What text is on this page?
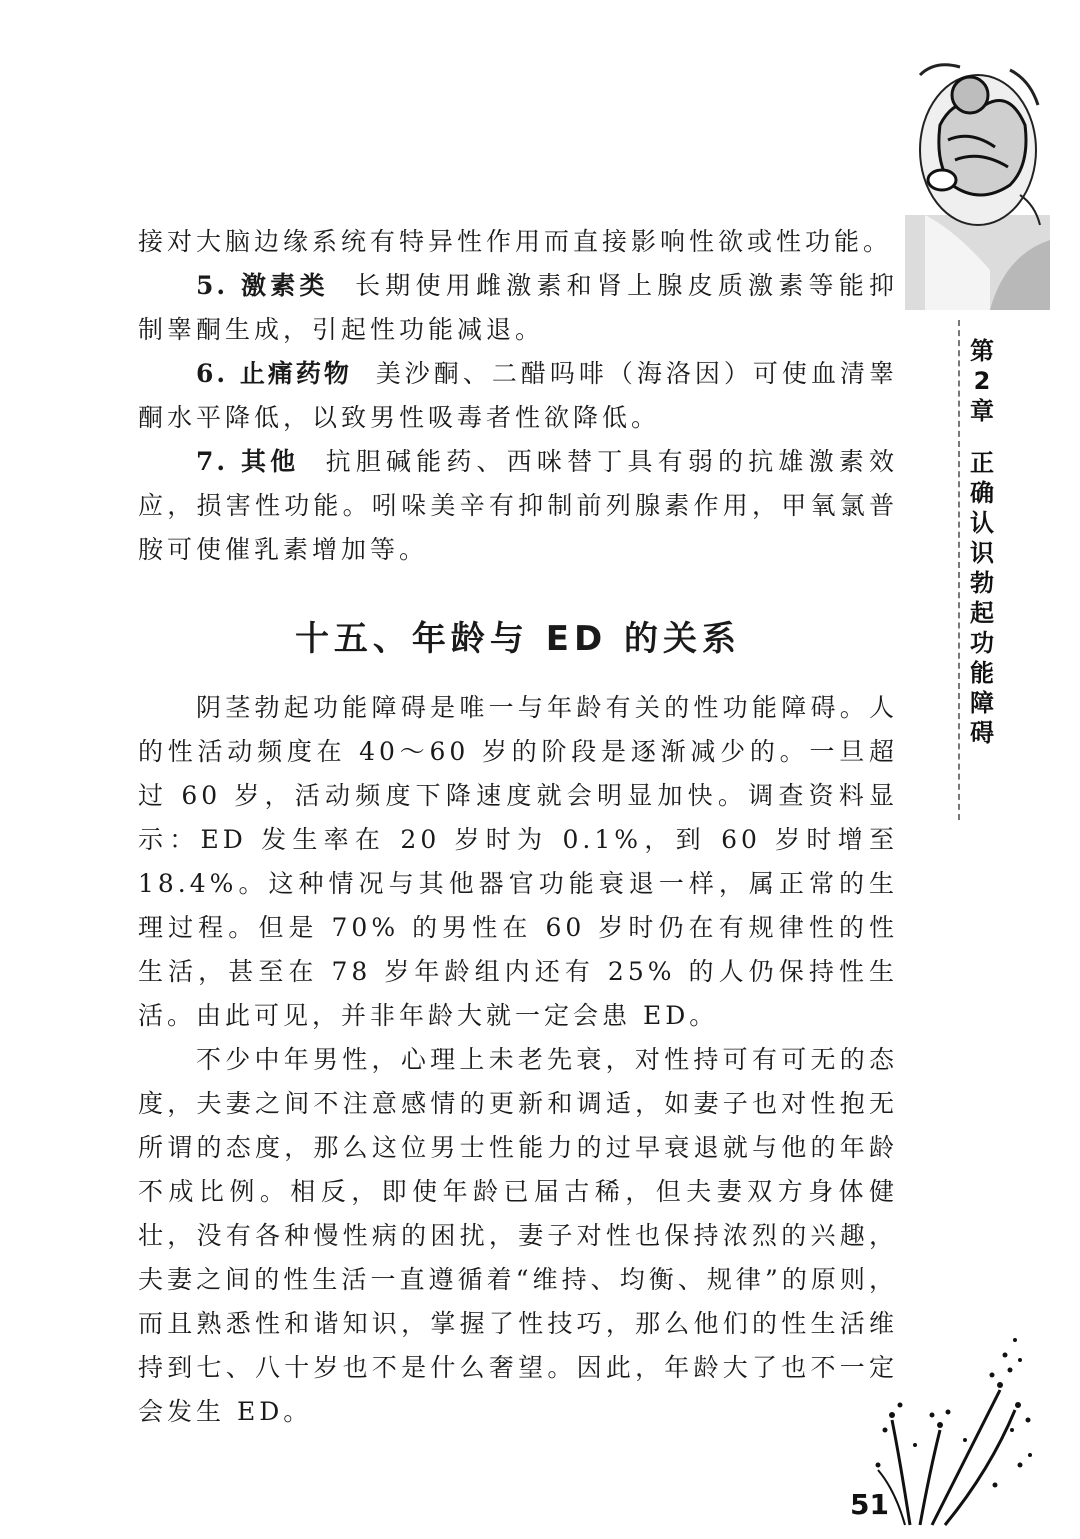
接对大脑边缘系统有特异性作用而直接影响性欲或性功能。

5. 激素类 长期使用雌激素和肾上腺皮质激素等能抑制睾酮生成，引起性功能减退。

6. 止痛药物 美沙酮、二醋吗啡（海洛因）可使血清睾酮水平降低，以致男性吸毒者性欲降低。

7. 其他 抗胆碱能药、西咪替丁具有弱的抗雄激素效应，损害性功能。吲哚美辛有抑制前列腺素作用，甲氧氯普胺可使催乳素增加等。

十五、年龄与 ED 的关系

阴茎勃起功能障碍是唯一与年龄有关的性功能障碍。人的性活动频度在 40～60 岁的阶段是逐渐减少的。一旦超过 60 岁，活动频度下降速度就会明显加快。调查资料显示：ED 发生率在 20 岁时为 0.1%，到 60 岁时增至 18.4%。这种情况与其他器官功能衰退一样，属正常的生理过程。但是 70% 的男性在 60 岁时仍在有规律性的性生活，甚至在 78 岁年龄组内还有 25% 的人仍保持性生活。由此可见，并非年龄大就一定会患 ED。

不少中年男性，心理上未老先衰，对性持可有可无的态度，夫妻之间不注意感情的更新和调适，如妻子也对性抱无所谓的态度，那么这位男士性能力的过早衰退就与他的年龄不成比例。相反，即使年龄已届古稀，但夫妻双方身体健壮，没有各种慢性病的困扰，妻子对性也保持浓烈的兴趣，夫妻之间的性生活一直遵循着“维持、均衡、规律”的原则，而且熟悉性和谐知识，掌握了性技巧，那么他们的性生活维持到七、八十岁也不是什么奢望。因此，年龄大了也不一定会发生 ED。

第
2
章
正
确
认
识
勃
起
功
能
障
碍
51
